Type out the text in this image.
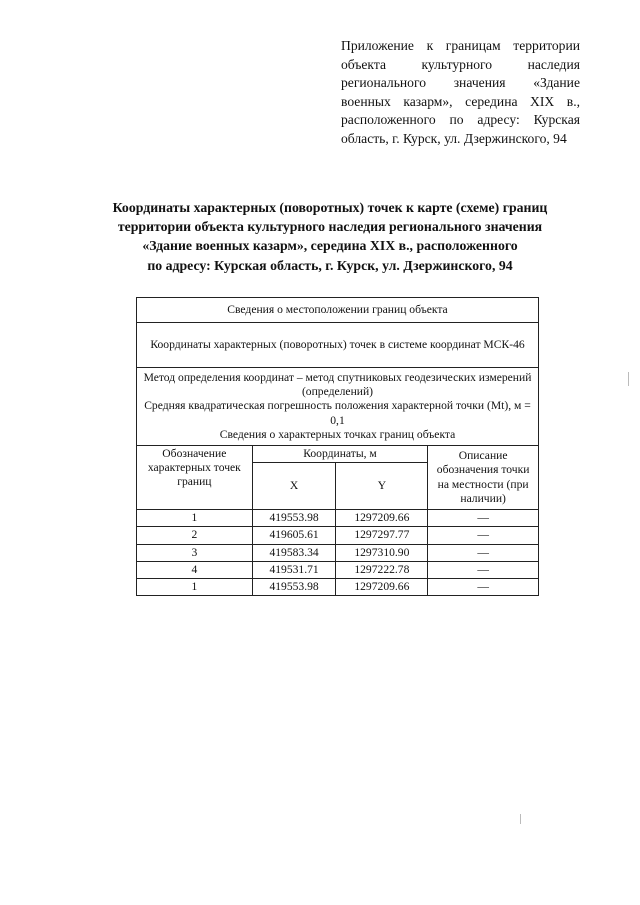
Приложение к границам территории объекта культурного наследия регионального значения «Здание военных казарм», середина XIX в., расположенного по адресу: Курская область, г. Курск, ул. Дзержинского, 94
Координаты характерных (поворотных) точек к карте (схеме) границ
территории объекта культурного наследия регионального значения
«Здание военных казарм», середина XIX в., расположенного
по адресу: Курская область, г. Курск, ул. Дзержинского, 94
Сведения о местоположении границ объекта			
Координаты характерных (поворотных) точек в системе координат МСК-46			

Метод определения координат – метод спутниковых геодезических измерений (определений)
Средняя квадратическая погрешность положения характерной точки (Mt), м = 0,1
Сведения о характерных точках границ объекта			

Обозначение характерных точек границ	Координаты, м		Описание обозначения точки на местности (при наличии)
	X	Y	
1	419553.98	1297209.66	—
2	419605.61	1297297.77	—
3	419583.34	1297310.90	—
4	419531.71	1297222.78	—
1	419553.98	1297209.66	—
